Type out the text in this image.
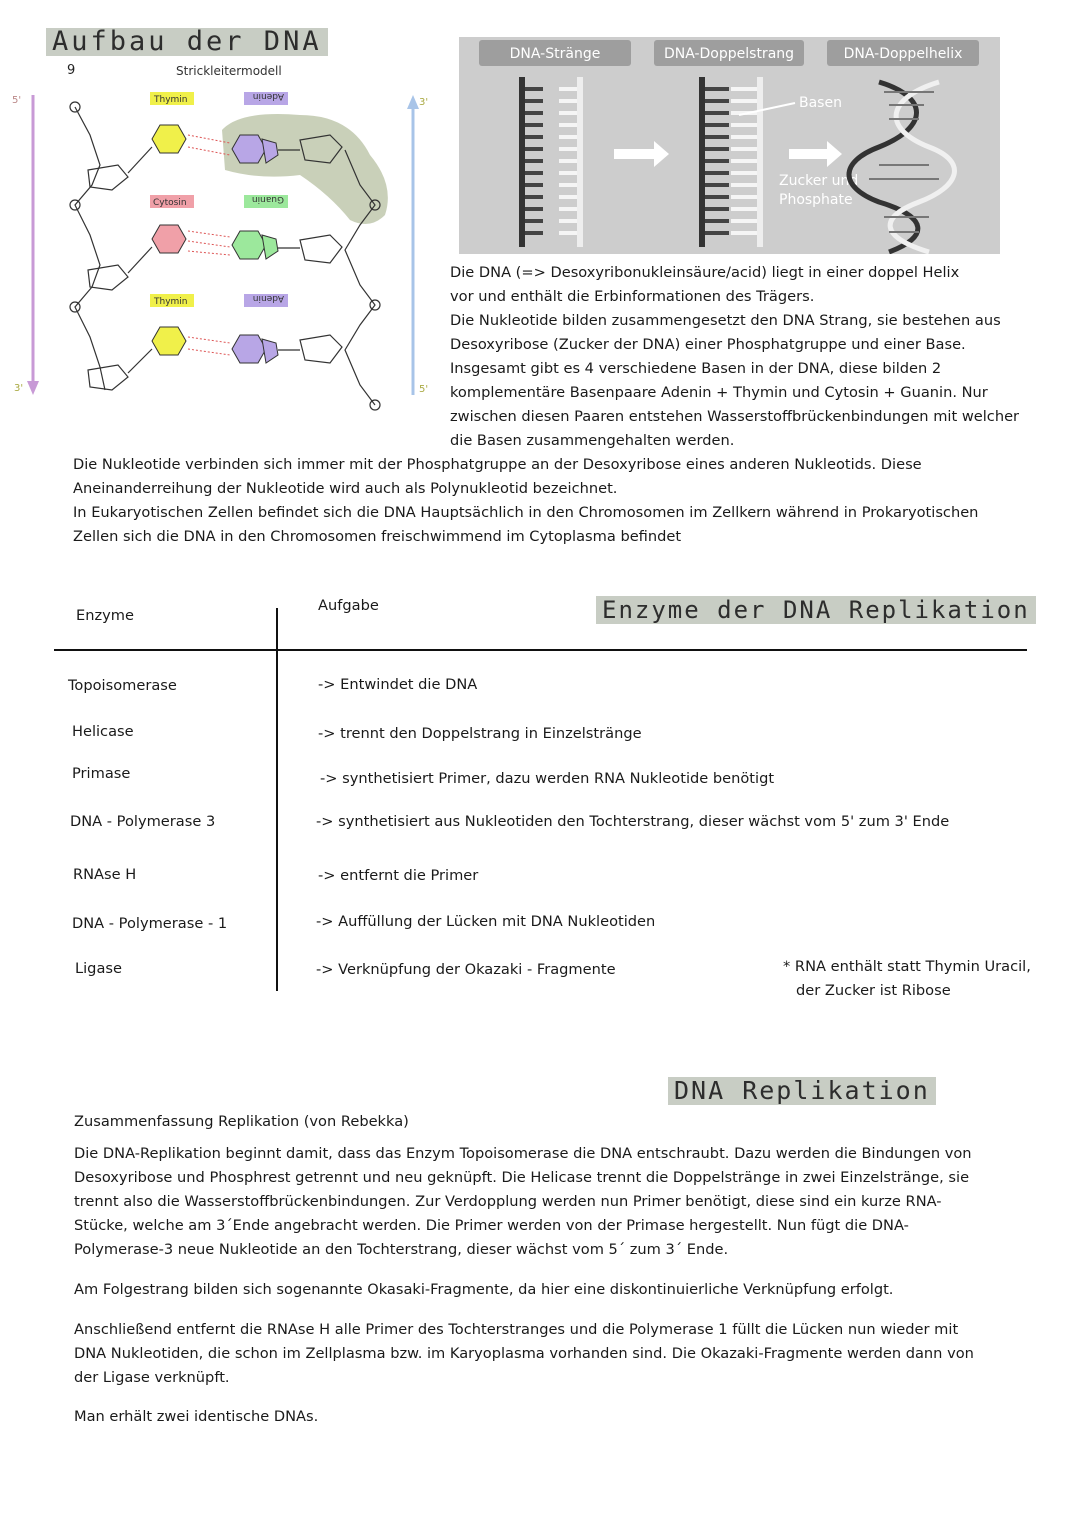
Aufbau der DNA
9	Strickleitermodell
5'
3'
3'
5'
Thymin	Adenin
Cytosin	Guanin
Thymin	Adenin
DNA-Stränge	DNA-Doppelstrang	DNA-Doppelhelix
Basen
Zucker und
Phosphate
Die DNA (=> Desoxyribonukleinsäure/acid) liegt in einer doppel Helix
vor und enthält die Erbinformationen des Trägers.
Die Nukleotide bilden zusammengesetzt den DNA Strang, sie bestehen aus
Desoxyribose (Zucker der DNA) einer Phosphatgruppe und einer Base.
Insgesamt gibt es 4 verschiedene Basen in der DNA, diese bilden 2
komplementäre Basenpaare Adenin + Thymin und Cytosin + Guanin. Nur
zwischen diesen Paaren entstehen Wasserstoffbrückenbindungen mit welcher
die Basen zusammengehalten werden.
Die Nukleotide verbinden sich immer mit der Phosphatgruppe an der Desoxyribose eines anderen Nukleotids. Diese
Aneinanderreihung der Nukleotide wird auch als Polynukleotid bezeichnet.
In Eukaryotischen Zellen befindet sich die DNA Hauptsächlich in den Chromosomen im Zellkern während in Prokaryotischen
Zellen sich die DNA in den Chromosomen freischwimmend im Cytoplasma befindet
Enzyme der DNA Replikation
Enzyme
Aufgabe
Topoisomerase	-> Entwindet die DNA
Helicase	-> trennt den Doppelstrang in Einzelstränge
Primase	-> synthetisiert Primer, dazu werden RNA Nukleotide benötigt
DNA - Polymerase 3	-> synthetisiert aus Nukleotiden den Tochterstrang, dieser wächst vom 5' zum 3' Ende
RNAse H	-> entfernt die Primer
DNA - Polymerase - 1	-> Auffüllung der Lücken mit DNA Nukleotiden
Ligase	-> Verknüpfung der Okazaki - Fragmente	* RNA enthält statt Thymin Uracil,
der Zucker ist Ribose
DNA Replikation
Zusammenfassung Replikation (von Rebekka)

Die DNA-Replikation beginnt damit, dass das Enzym Topoisomerase die DNA entschraubt. Dazu werden die Bindungen von

Desoxyribose und Phosphrest getrennt und neu geknüpft. Die Helicase trennt die Doppelstränge in zwei Einzelstränge, sie

trennt also die Wasserstoffbrückenbindungen. Zur Verdopplung werden nun Primer benötigt, diese sind ein kurze RNA-

Stücke, welche am 3´Ende angebracht werden. Die Primer werden von der Primase hergestellt. Nun fügt die DNA-

Polymerase-3 neue Nukleotide an den Tochterstrang, dieser wächst vom 5´ zum 3´ Ende.

Am Folgestrang bilden sich sogenannte Okasaki-Fragmente, da hier eine diskontinuierliche Verknüpfung erfolgt.

Anschließend entfernt die RNAse H alle Primer des Tochterstranges und die Polymerase 1 füllt die Lücken nun wieder mit

DNA Nukleotiden, die schon im Zellplasma bzw. im Karyoplasma vorhanden sind. Die Okazaki-Fragmente werden dann von

der Ligase verknüpft.

Man erhält zwei identische DNAs.
